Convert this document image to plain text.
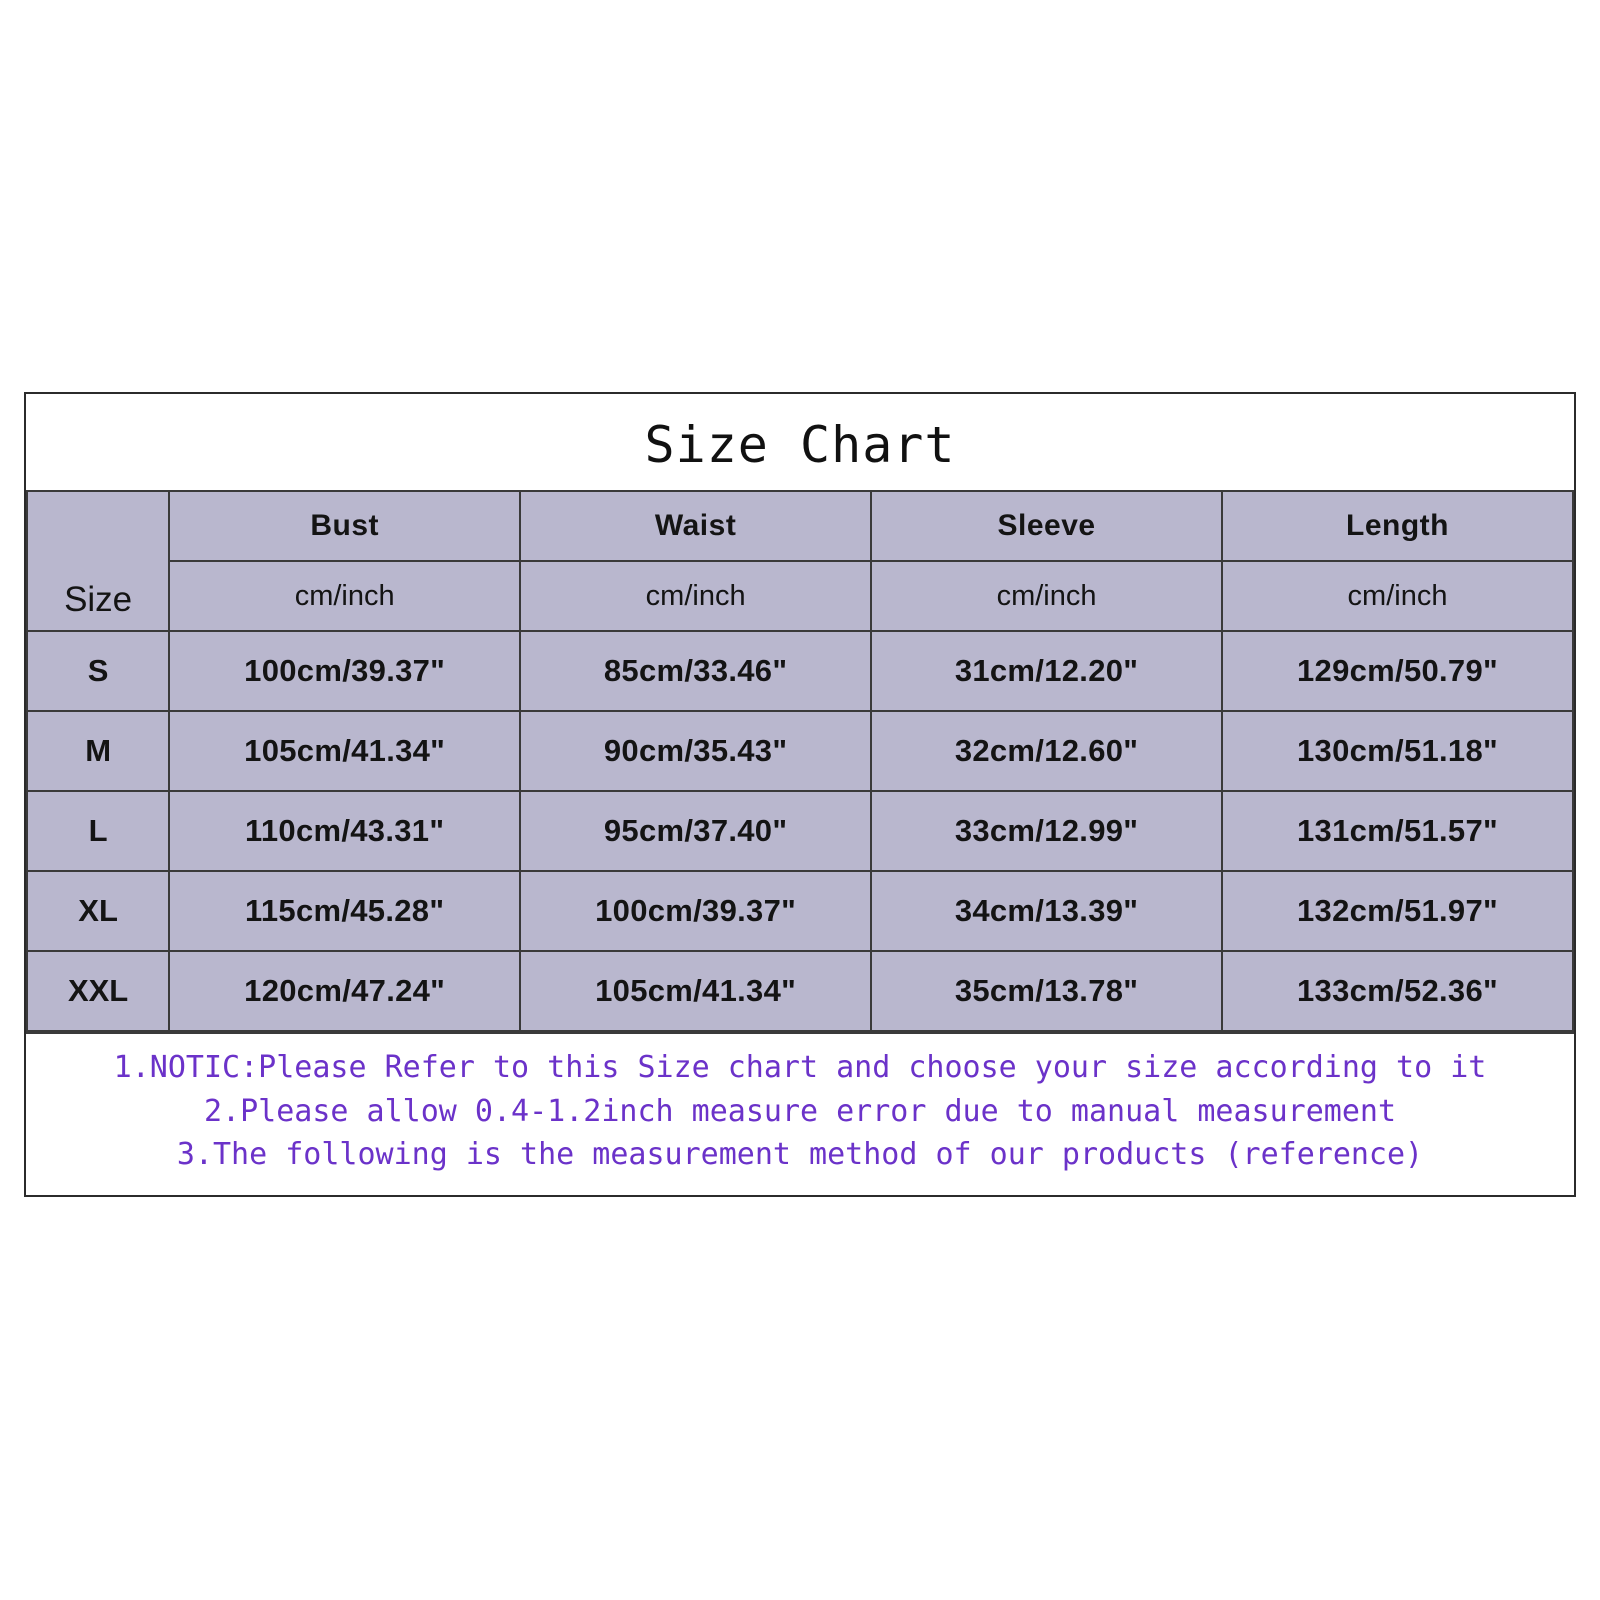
Size Chart
Size	Bust	Waist	Sleeve	Length
	cm/inch	cm/inch	cm/inch	cm/inch
S	100cm/39.37"	85cm/33.46"	31cm/12.20"	129cm/50.79"
M	105cm/41.34"	90cm/35.43"	32cm/12.60"	130cm/51.18"
L	110cm/43.31"	95cm/37.40"	33cm/12.99"	131cm/51.57"
XL	115cm/45.28"	100cm/39.37"	34cm/13.39"	132cm/51.97"
XXL	120cm/47.24"	105cm/41.34"	35cm/13.78"	133cm/52.36"
1.NOTIC:Please Refer to this Size chart and choose your size according to it
2.Please allow 0.4-1.2inch measure error due to manual measurement
3.The following is the measurement method of our products (reference)
